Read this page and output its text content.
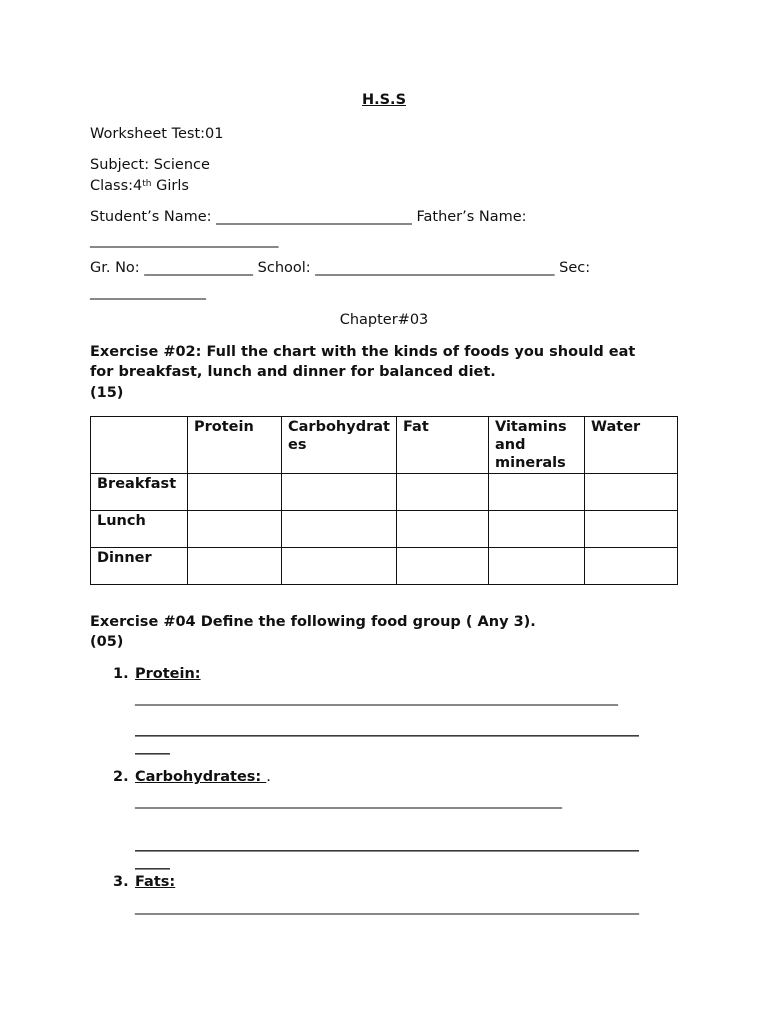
H.S.S
Worksheet Test:01
Subject: Science
Class:4th Girls
Student’s Name: ___________________________ Father’s Name:
__________________________
Gr. No: _______________ School: _________________________________ Sec:
________________
Chapter#03
Exercise #02: Full the chart with the kinds of foods you should eat
for breakfast, lunch and dinner for balanced diet.
(15)
	Protein	Carbohydrates	Fat	Vitamins and minerals	Water
Breakfast					
Lunch					
Dinner					
Exercise #04 Define the following food group ( Any 3).
(05)
1. Protein:
_____________________________________________________________________
________________________________________________________________________
_____
2. Carbohydrates: .
_____________________________________________________________
________________________________________________________________________
_____
3. Fats:
________________________________________________________________________
